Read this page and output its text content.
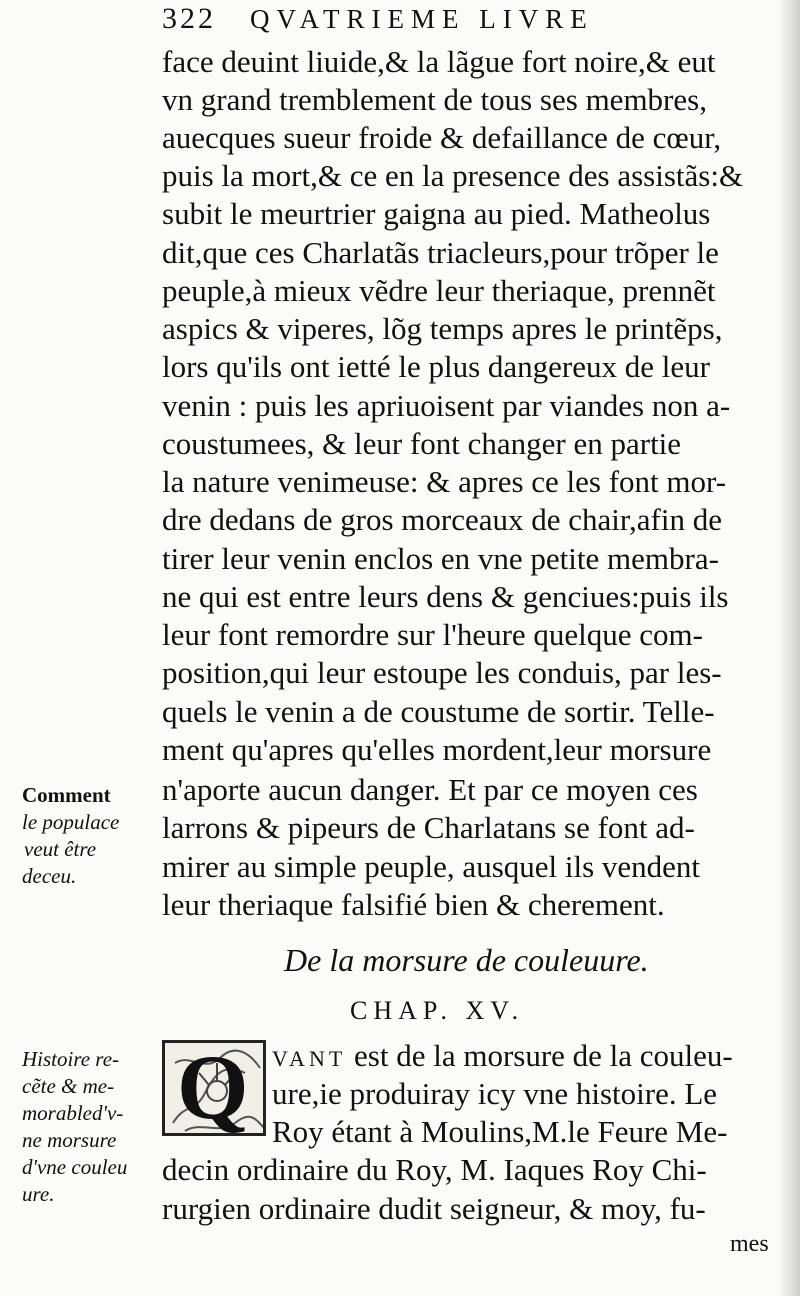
322 QVATRIEME LIVRE
face deuint liuide,& la lãgue fort noire,& eut
vn grand tremblement de tous ses membres,
auecques sueur froide & defaillance de cœur,
puis la mort,& ce en la presence des assistãs:&
subit le meurtrier gaigna au pied. Matheolus
dit,que ces Charlatãs triacleurs,pour trõper le
peuple,à mieux vẽdre leur theriaque, prennẽt
aspics & viperes, lõg temps apres le printẽps,
lors qu'ils ont ietté le plus dangereux de leur
venin : puis les apriuoisent par viandes non a-
coustumees, & leur font changer en partie
la nature venimeuse: & apres ce les font mor-
dre dedans de gros morceaux de chair,afin de
tirer leur venin enclos en vne petite membra-
ne qui est entre leurs dens & genciues:puis ils
leur font remordre sur l'heure quelque com-
position,qui leur estoupe les conduis, par les-
quels le venin a de coustume de sortir. Telle-
ment qu'apres qu'elles mordent,leur morsure
n'aporte aucun danger. Et par ce moyen ces
larrons & pipeurs de Charlatans se font ad-
mirer au simple peuple, ausquel ils vendent
leur theriaque falsifié bien & cherement.
Comment
le populace
veut être
deceu.
De la morsure de couleuure.
CHAP. XV.
Q VANT est de la morsure de la couleu-
ure,ie produiray icy vne histoire. Le
Roy étant à Moulins,M.le Feure Me-
decin ordinaire du Roy, M. Iaques Roy Chi-
rurgien ordinaire dudit seigneur, & moy, fu-
mes
Histoire re-
cẽte & me-
morabled'v-
ne morsure
d'vne couleu
ure.
